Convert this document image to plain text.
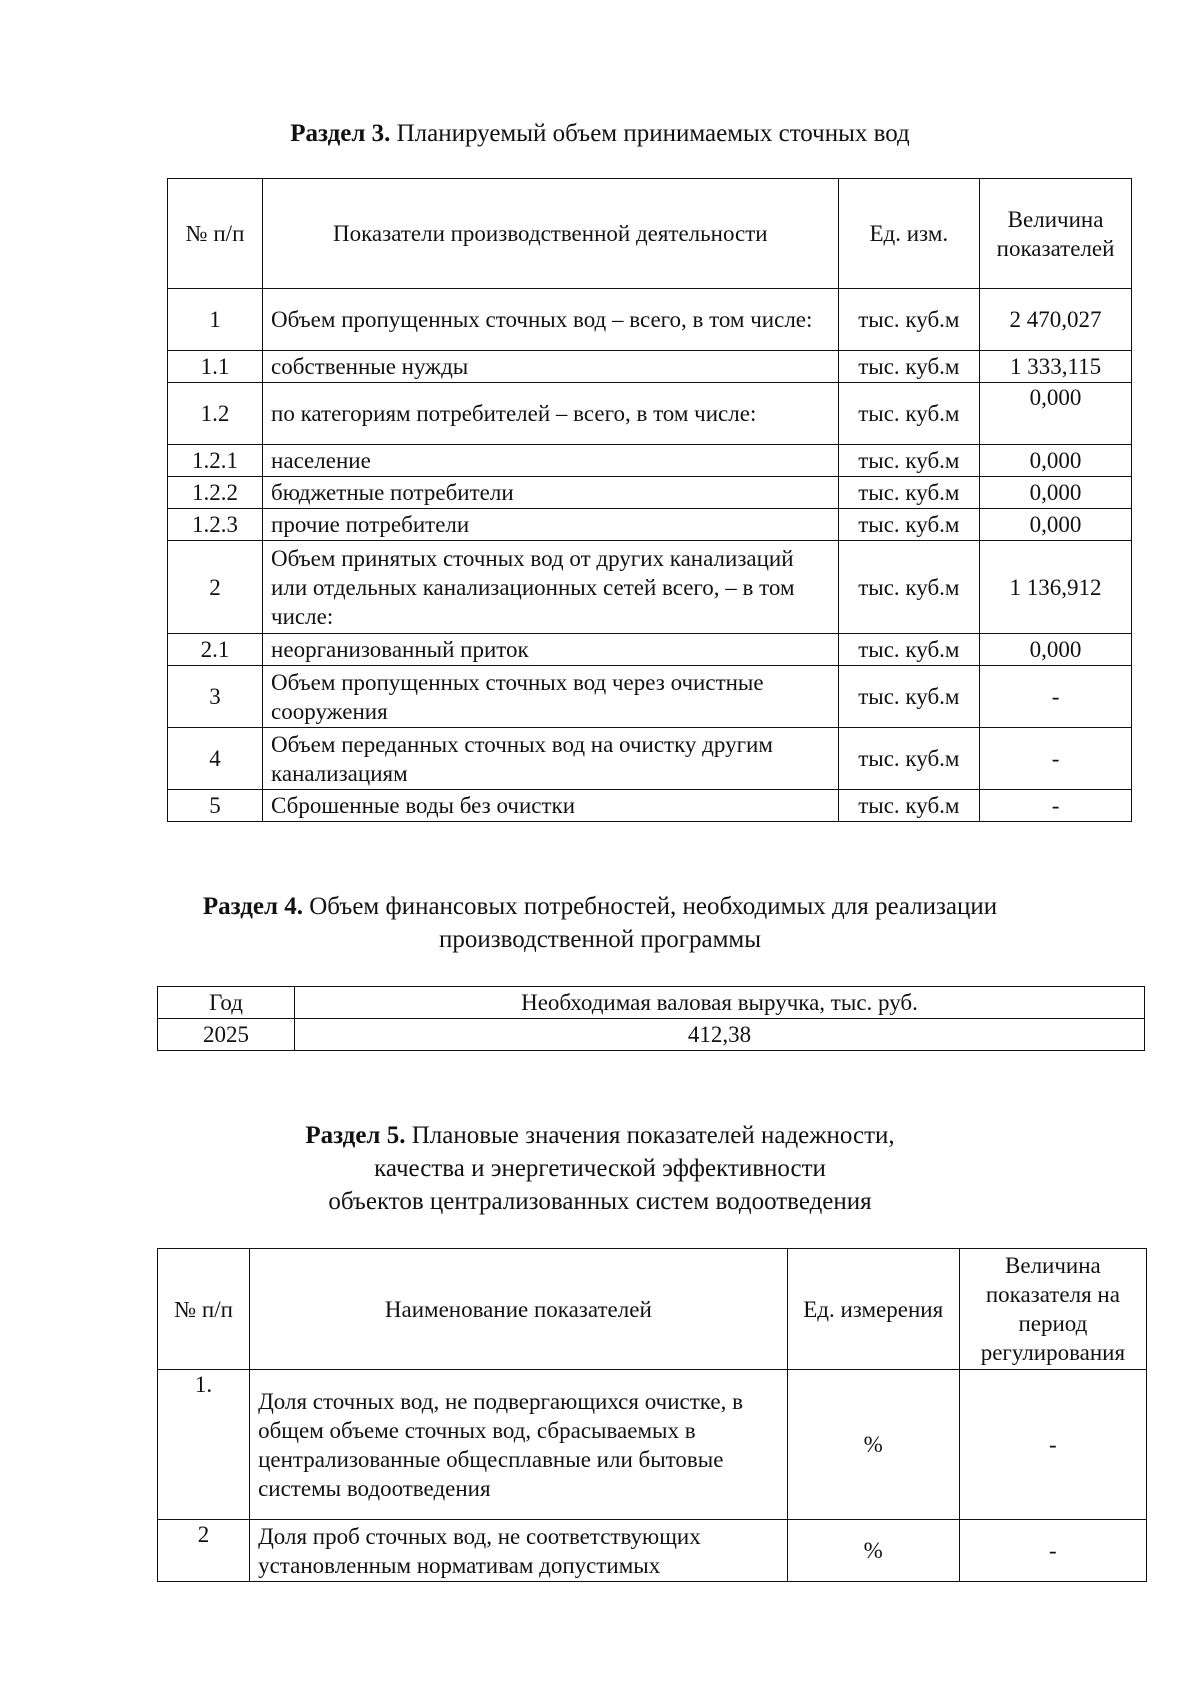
Раздел 3. Планируемый объем принимаемых сточных вод
№ п/п	Показатели производственной деятельности	Ед. изм.	Величина показателей
1	Объем пропущенных сточных вод – всего, в том числе:	тыс. куб.м	2 470,027
1.1	собственные нужды	тыс. куб.м	1 333,115
1.2	по категориям потребителей – всего, в том числе:	тыс. куб.м	0,000
1.2.1	население	тыс. куб.м	0,000
1.2.2	бюджетные потребители	тыс. куб.м	0,000
1.2.3	прочие потребители	тыс. куб.м	0,000
2	Объем принятых сточных вод от других канализаций или отдельных канализационных сетей всего, – в том числе:	тыс. куб.м	1 136,912
2.1	неорганизованный приток	тыс. куб.м	0,000
3	Объем пропущенных сточных вод через очистные сооружения	тыс. куб.м	-
4	Объем переданных сточных вод на очистку другим канализациям	тыс. куб.м	-
5	Сброшенные воды без очистки	тыс. куб.м	-
Раздел 4. Объем финансовых потребностей, необходимых для реализации
производственной программы
Год	Необходимая валовая выручка, тыс. руб.
2025	412,38
Раздел 5. Плановые значения показателей надежности,
качества и энергетической эффективности
объектов централизованных систем водоотведения
№ п/п	Наименование показателей	Ед. измерения	Величина показателя на период регулирования
1.	Доля сточных вод, не подвергающихся очистке, в общем объеме сточных вод, сбрасываемых в централизованные общесплавные или бытовые системы водоотведения	%	-
2	Доля проб сточных вод, не соответствующих установленным нормативам допустимых	%	-
